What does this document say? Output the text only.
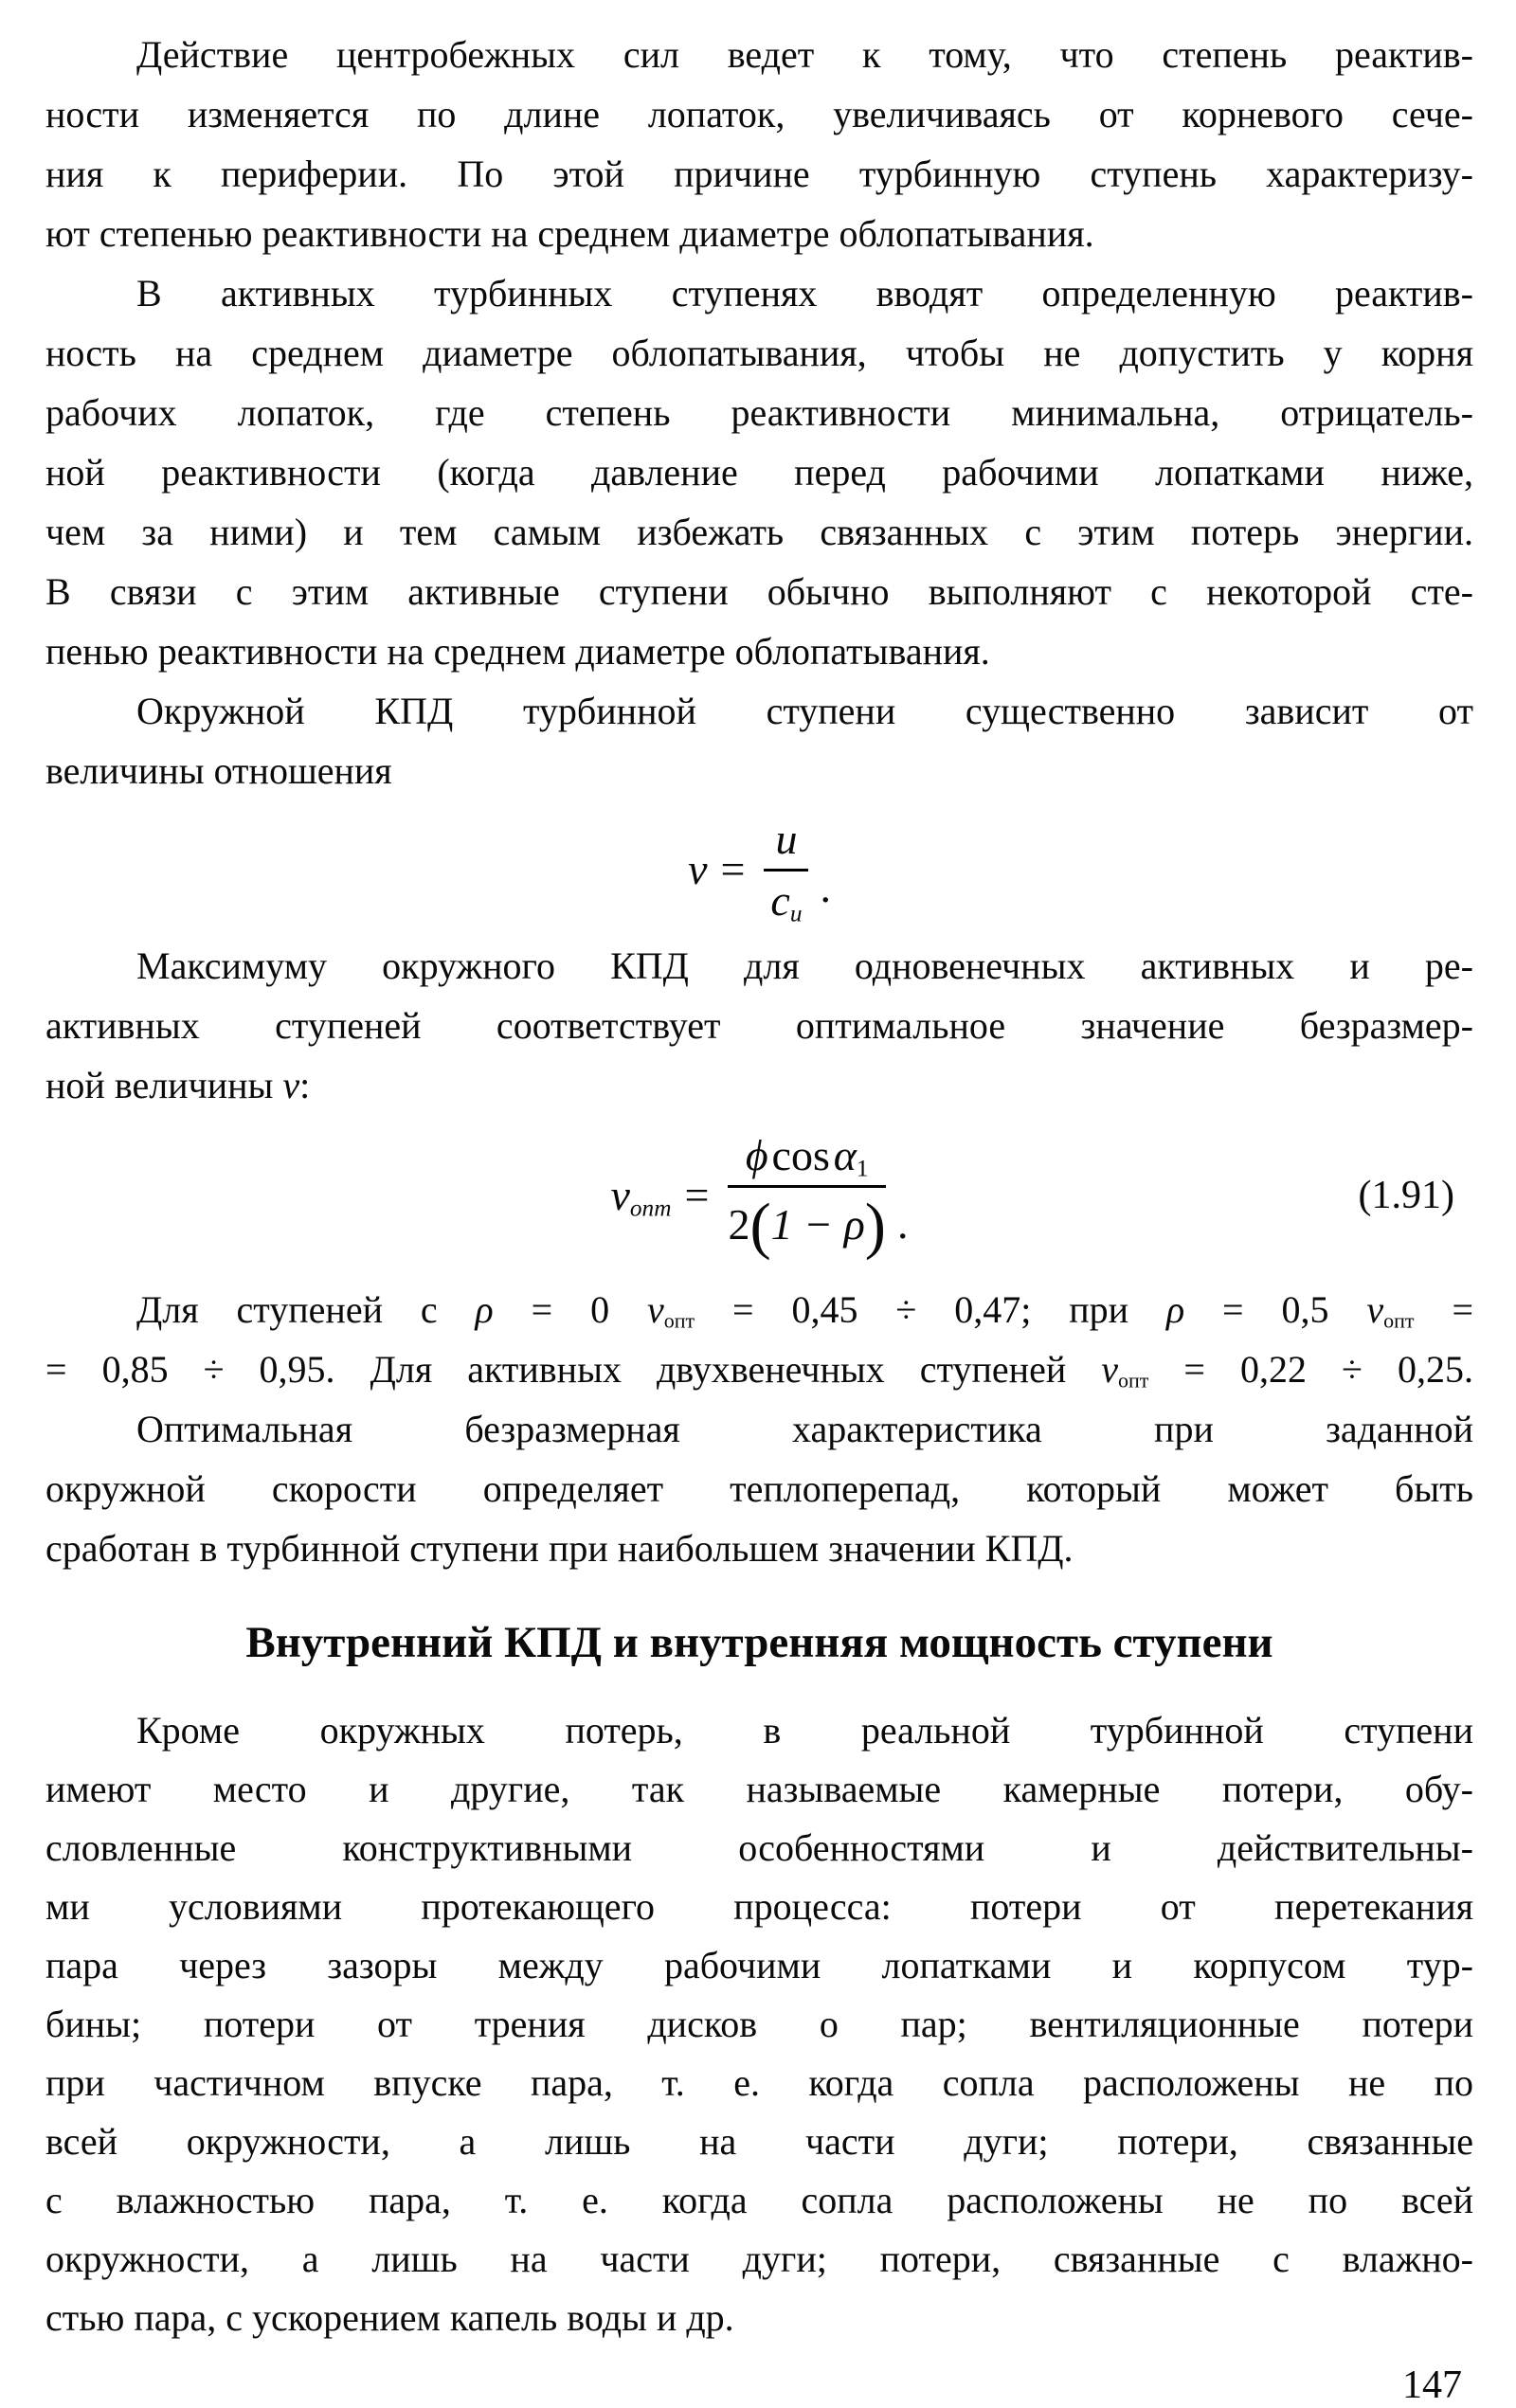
Действие центробежных сил ведет к тому, что степень реактив-
ности изменяется по длине лопаток, увеличиваясь от корневого сече-
ния к периферии. По этой причине турбинную ступень характеризу-
ют степенью реактивности на среднем диаметре облопатывания.
В активных турбинных ступенях вводят определенную реактив-
ность на среднем диаметре облопатывания, чтобы не допустить у корня
рабочих лопаток, где степень реактивности минимальна, отрицатель-
ной реактивности (когда давление перед рабочими лопатками ниже,
чем за ними) и тем самым избежать связанных с этим потерь энергии.
В связи с этим активные ступени обычно выполняют с некоторой сте-
пенью реактивности на среднем диаметре облопатывания.
Окружной КПД турбинной ступени существенно зависит от
величины отношения
$\nu = \frac{u}{c_u}$ .
Максимуму окружного КПД для одновенечных активных и ре-
активных ступеней соответствует оптимальное значение безразмер-
ной величины ν:
$\nu_{опт} = \frac{\phi \cos \alpha_1}{2(1 - \rho)}$ .
(1.91)
Для ступеней с ρ = 0 $\nu_{опт} = 0,45 \div 0,47$; при ρ = 0,5 $\nu_{опт}$ =
= 0,85 ÷ 0,95. Для активных двухвенечных ступеней $\nu_{опт} = 0,22 \div 0,25$.
Оптимальная безразмерная характеристика при заданной
окружной скорости определяет теплоперепад, который может быть
сработан в турбинной ступени при наибольшем значении КПД.
Внутренний КПД и внутренняя мощность ступени
Кроме окружных потерь, в реальной турбинной ступени
имеют место и другие, так называемые камерные потери, обу-
словленные конструктивными особенностями и действительны-
ми условиями протекающего процесса: потери от перетекания
пара через зазоры между рабочими лопатками и корпусом тур-
бины; потери от трения дисков о пар; вентиляционные потери
при частичном впуске пара, т. е. когда сопла расположены не по
всей окружности, а лишь на части дуги; потери, связанные
с влажностью пара, т. е. когда сопла расположены не по всей
окружности, а лишь на части дуги; потери, связанные с влажно-
стью пара, с ускорением капель воды и др.
147
